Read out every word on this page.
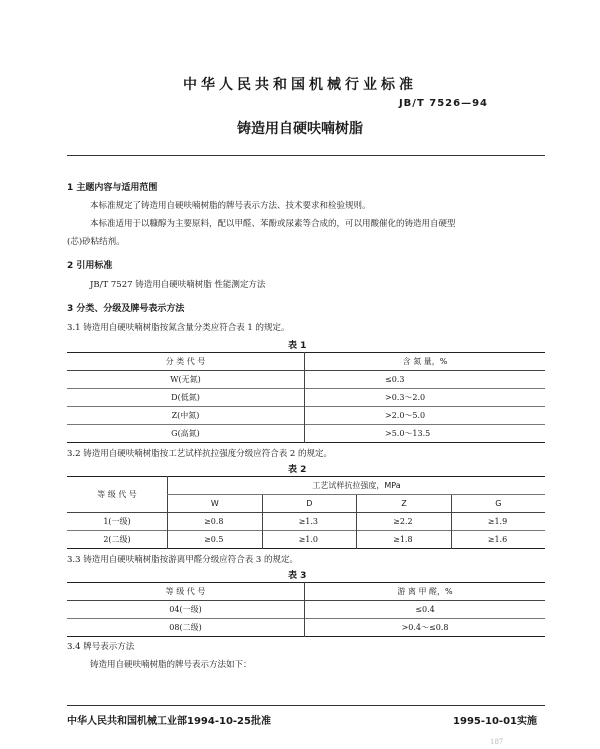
中华人民共和国机械行业标准
JB/T 7526—94
铸造用自硬呋喃树脂
1 主题内容与适用范围
本标准规定了铸造用自硬呋喃树脂的牌号表示方法、技术要求和检验规则。
本标准适用于以糠醇为主要原料，配以甲醛、苯酚或尿素等合成的，可以用酸催化的铸造用自硬型
(芯)砂粘结剂。
2 引用标准
JB/T 7527 铸造用自硬呋喃树脂 性能测定方法
3 分类、分级及牌号表示方法
3.1 铸造用自硬呋喃树脂按氮含量分类应符合表 1 的规定。
表 1
分 类 代 号	含 氮 量，%
W(无氮)	≤0.3
D(低氮)	>0.3～2.0
Z(中氮)	>2.0～5.0
G(高氮)	>5.0～13.5
3.2 铸造用自硬呋喃树脂按工艺试样抗拉强度分级应符合表 2 的规定。
表 2
等 级 代 号	工艺试样抗拉强度，MPa			
	W	D	Z	G
1(一级)	≥0.8	≥1.3	≥2.2	≥1.9
2(二级)	≥0.5	≥1.0	≥1.8	≥1.6
3.3 铸造用自硬呋喃树脂按游离甲醛分级应符合表 3 的规定。
表 3
等 级 代 号	游 离 甲 醛，%
04(一级)	≤0.4
08(二级)	>0.4～≤0.8
3.4 牌号表示方法
铸造用自硬呋喃树脂的牌号表示方法如下：
中华人民共和国机械工业部1994-10-25批准	1995-10-01实施
187
